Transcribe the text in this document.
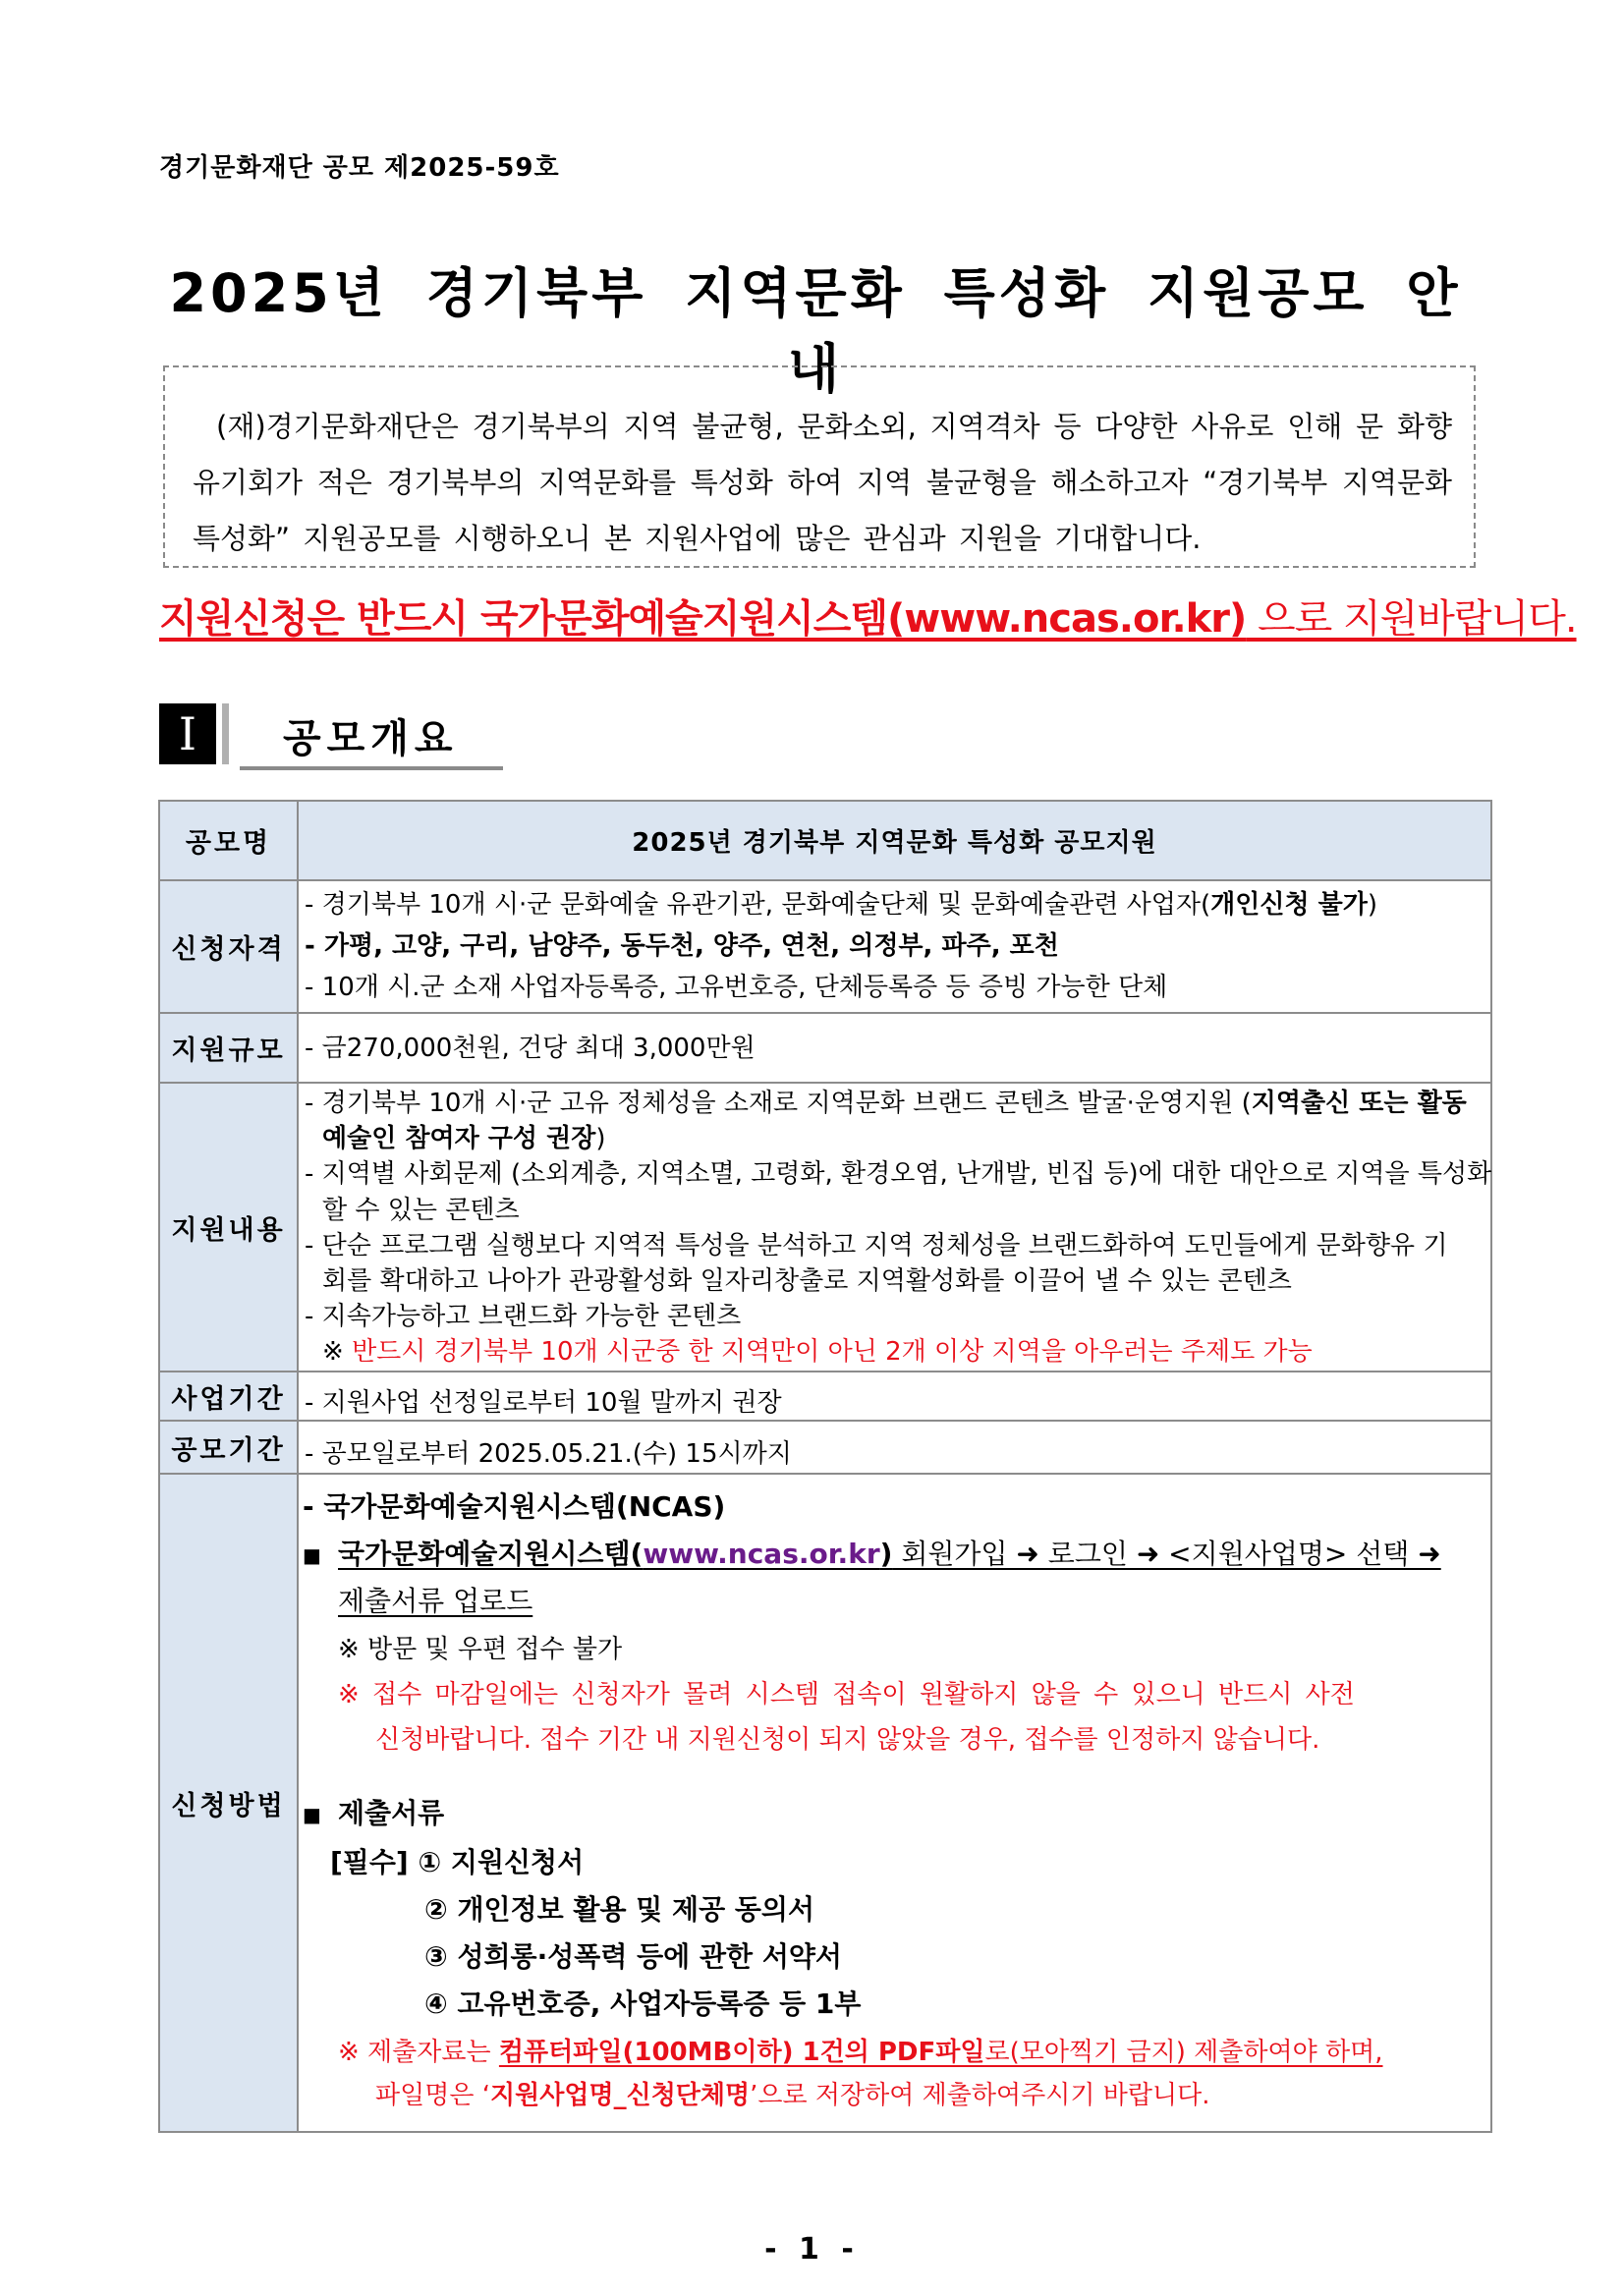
경기문화재단 공모 제2025-59호
2025년 경기북부 지역문화 특성화 지원공모 안내
(재)경기문화재단은 경기북부의 지역 불균형, 문화소외, 지역격차 등 다양한 사유로 인해 문 화향유기회가 적은 경기북부의 지역문화를 특성화 하여 지역 불균형을 해소하고자 “경기북부 지역문화 특성화” 지원공모를 시행하오니 본 지원사업에 많은 관심과 지원을 기대합니다.
지원신청은 반드시 국가문화예술지원시스템(www.ncas.or.kr) 으로 지원바랍니다.
I	공모개요
공모명
신청자격
지원규모
지원내용
사업기간
공모기간
신청방법
2025년 경기북부 지역문화 특성화 공모지원
- 경기북부 10개 시·군 문화예술 유관기관, 문화예술단체 및 문화예술관련 사업자(개인신청 불가)
- 가평, 고양, 구리, 남양주, 동두천, 양주, 연천, 의정부, 파주, 포천
- 10개 시.군 소재 사업자등록증, 고유번호증, 단체등록증 등 증빙 가능한 단체
- 금270,000천원, 건당 최대 3,000만원
- 경기북부 10개 시·군 고유 정체성을 소재로 지역문화 브랜드 콘텐츠 발굴·운영지원 (지역출신 또는 활동
예술인 참여자 구성 권장)
- 지역별 사회문제 (소외계층, 지역소멸, 고령화, 환경오염, 난개발, 빈집 등)에 대한 대안으로 지역을 특성화
할 수 있는 콘텐츠
- 단순 프로그램 실행보다 지역적 특성을 분석하고 지역 정체성을 브랜드화하여 도민들에게 문화향유 기
회를 확대하고 나아가 관광활성화 일자리창출로 지역활성화를 이끌어 낼 수 있는 콘텐츠
- 지속가능하고 브랜드화 가능한 콘텐츠
※ 반드시 경기북부 10개 시군중 한 지역만이 아닌 2개 이상 지역을 아우러는 주제도 가능
- 지원사업 선정일로부터 10월 말까지 권장
- 공모일로부터 2025.05.21.(수) 15시까지
- 국가문화예술지원시스템(NCAS)
■ 국가문화예술지원시스템(www.ncas.or.kr) 회원가입 ➜ 로그인 ➜ <지원사업명> 선택 ➜
제출서류 업로드
※ 방문 및 우편 접수 불가
※ 접수 마감일에는 신청자가 몰려 시스템 접속이 원활하지 않을 수 있으니 반드시 사전
신청바랍니다. 접수 기간 내 지원신청이 되지 않았을 경우, 접수를 인정하지 않습니다.
■ 제출서류
[필수] ① 지원신청서
② 개인정보 활용 및 제공 동의서
③ 성희롱·성폭력 등에 관한 서약서
④ 고유번호증, 사업자등록증 등 1부
※ 제출자료는 컴퓨터파일(100MB이하) 1건의 PDF파일로(모아찍기 금지) 제출하여야 하며,
파일명은 ‘지원사업명_신청단체명’으로 저장하여 제출하여주시기 바랍니다.
- 1 -
